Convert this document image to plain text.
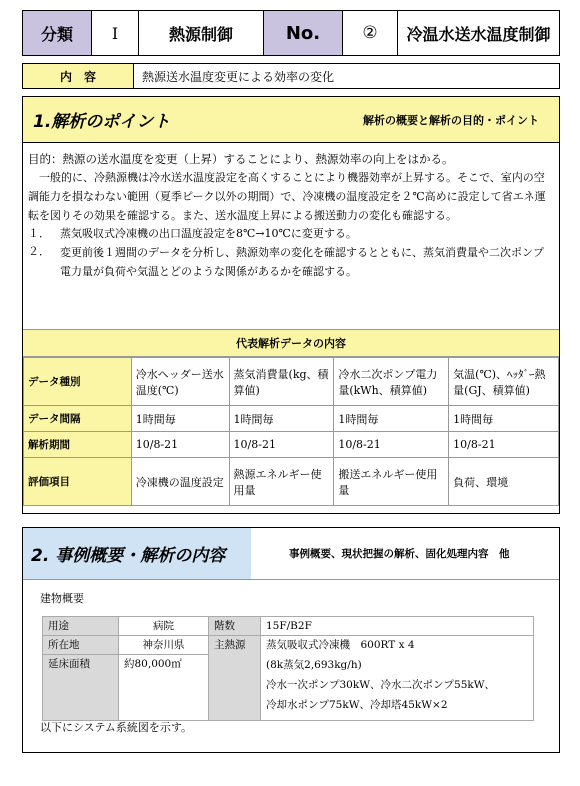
分類	Ⅰ	熱源制御	No.	②	冷温水送水温度制御
内　容	熱源送水温度変更による効率の変化
1.解析のポイント	解析の概要と解析の目的・ポイント

目的：熱源の送水温度を変更（上昇）することにより、熱源効率の向上をはかる。

一般的に、冷熱源機は冷水送水温度設定を高くすることにより機器効率が上昇する。そこで、室内の空調能力を損なわない範囲（夏季ピーク以外の期間）で、冷凍機の温度設定を２℃高めに設定して省エネ運転を図りその効果を確認する。また、送水温度上昇による搬送動力の変化も確認する。

１． 蒸気吸収式冷凍機の出口温度設定を8℃→10℃に変更する。
２． 変更前後１週間のデータを分析し、熱源効率の変化を確認するとともに、蒸気消費量や二次ポンプ電力量が負荷や気温とどのような関係があるかを確認する。
代表解析データの内容
データ種別	冷水ヘッダー送水温度(℃)	蒸気消費量(kg、積算値)	冷水二次ポンプ電力量(kWh、積算値)	気温(℃)、ﾍｯﾀﾞｰ熱量(GJ、積算値)
データ間隔	1時間毎	1時間毎	1時間毎	1時間毎
解析期間	10/8-21	10/8-21	10/8-21	10/8-21
評価項目	冷凍機の温度設定	熱源エネルギー使用量	搬送エネルギー使用量	負荷、環境
2. 事例概要・解析の内容	事例概要、現状把握の解析、固化処理内容　他
建物概要
用途	病院	階数	15F/B2F
所在地	神奈川県	主熱源	蒸気吸収式冷凍機　600RT x 4
(8k蒸気2,693kg/h)
冷水一次ポンプ30kW、冷水二次ポンプ55kW、
冷却水ポンプ75kW、冷却塔45kW×2

延床面積	約80,000㎡		
以下にシステム系統図を示す。
